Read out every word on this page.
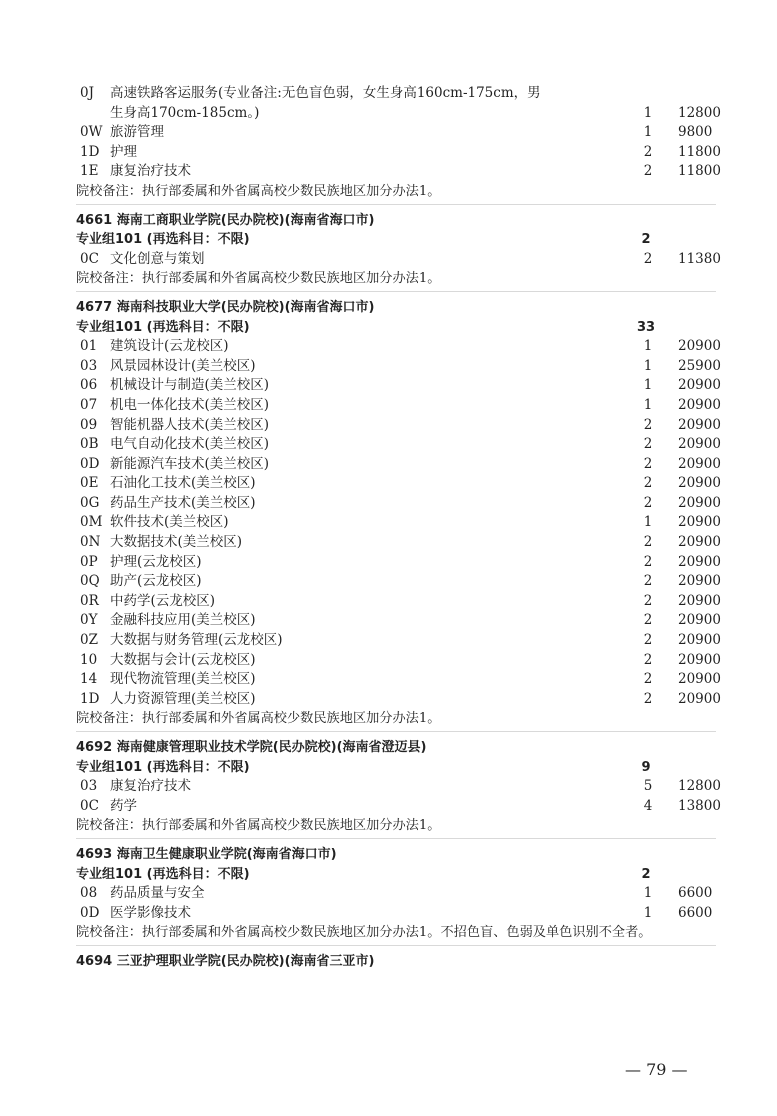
0J 高速铁路客运服务(专业备注:无色盲色弱，女生身高160cm-175cm，男
生身高170cm-185cm。)	1 12800
0W 旅游管理	1 9800
1D 护理	2 11800
1E 康复治疗技术	2 11800
院校备注：执行部委属和外省属高校少数民族地区加分办法1。
4661 海南工商职业学院(民办院校)(海南省海口市)
专业组101 (再选科目：不限)	2
0C 文化创意与策划	2 11380
院校备注：执行部委属和外省属高校少数民族地区加分办法1。
4677 海南科技职业大学(民办院校)(海南省海口市)
专业组101 (再选科目：不限)	33
01 建筑设计(云龙校区)	1 20900
03 风景园林设计(美兰校区)	1 25900
06 机械设计与制造(美兰校区)	1 20900
07 机电一体化技术(美兰校区)	1 20900
09 智能机器人技术(美兰校区)	2 20900
0B 电气自动化技术(美兰校区)	2 20900
0D 新能源汽车技术(美兰校区)	2 20900
0E 石油化工技术(美兰校区)	2 20900
0G 药品生产技术(美兰校区)	2 20900
0M 软件技术(美兰校区)	1 20900
0N 大数据技术(美兰校区)	2 20900
0P 护理(云龙校区)	2 20900
0Q 助产(云龙校区)	2 20900
0R 中药学(云龙校区)	2 20900
0Y 金融科技应用(美兰校区)	2 20900
0Z 大数据与财务管理(云龙校区)	2 20900
10 大数据与会计(云龙校区)	2 20900
14 现代物流管理(美兰校区)	2 20900
1D 人力资源管理(美兰校区)	2 20900
院校备注：执行部委属和外省属高校少数民族地区加分办法1。
4692 海南健康管理职业技术学院(民办院校)(海南省澄迈县)
专业组101 (再选科目：不限)	9
03 康复治疗技术	5 12800
0C 药学	4 13800
院校备注：执行部委属和外省属高校少数民族地区加分办法1。
4693 海南卫生健康职业学院(海南省海口市)
专业组101 (再选科目：不限)	2
08 药品质量与安全	1 6600
0D 医学影像技术	1 6600
院校备注：执行部委属和外省属高校少数民族地区加分办法1。不招色盲、色弱及单色识别不全者。
4694 三亚护理职业学院(民办院校)(海南省三亚市)
— 79 —
